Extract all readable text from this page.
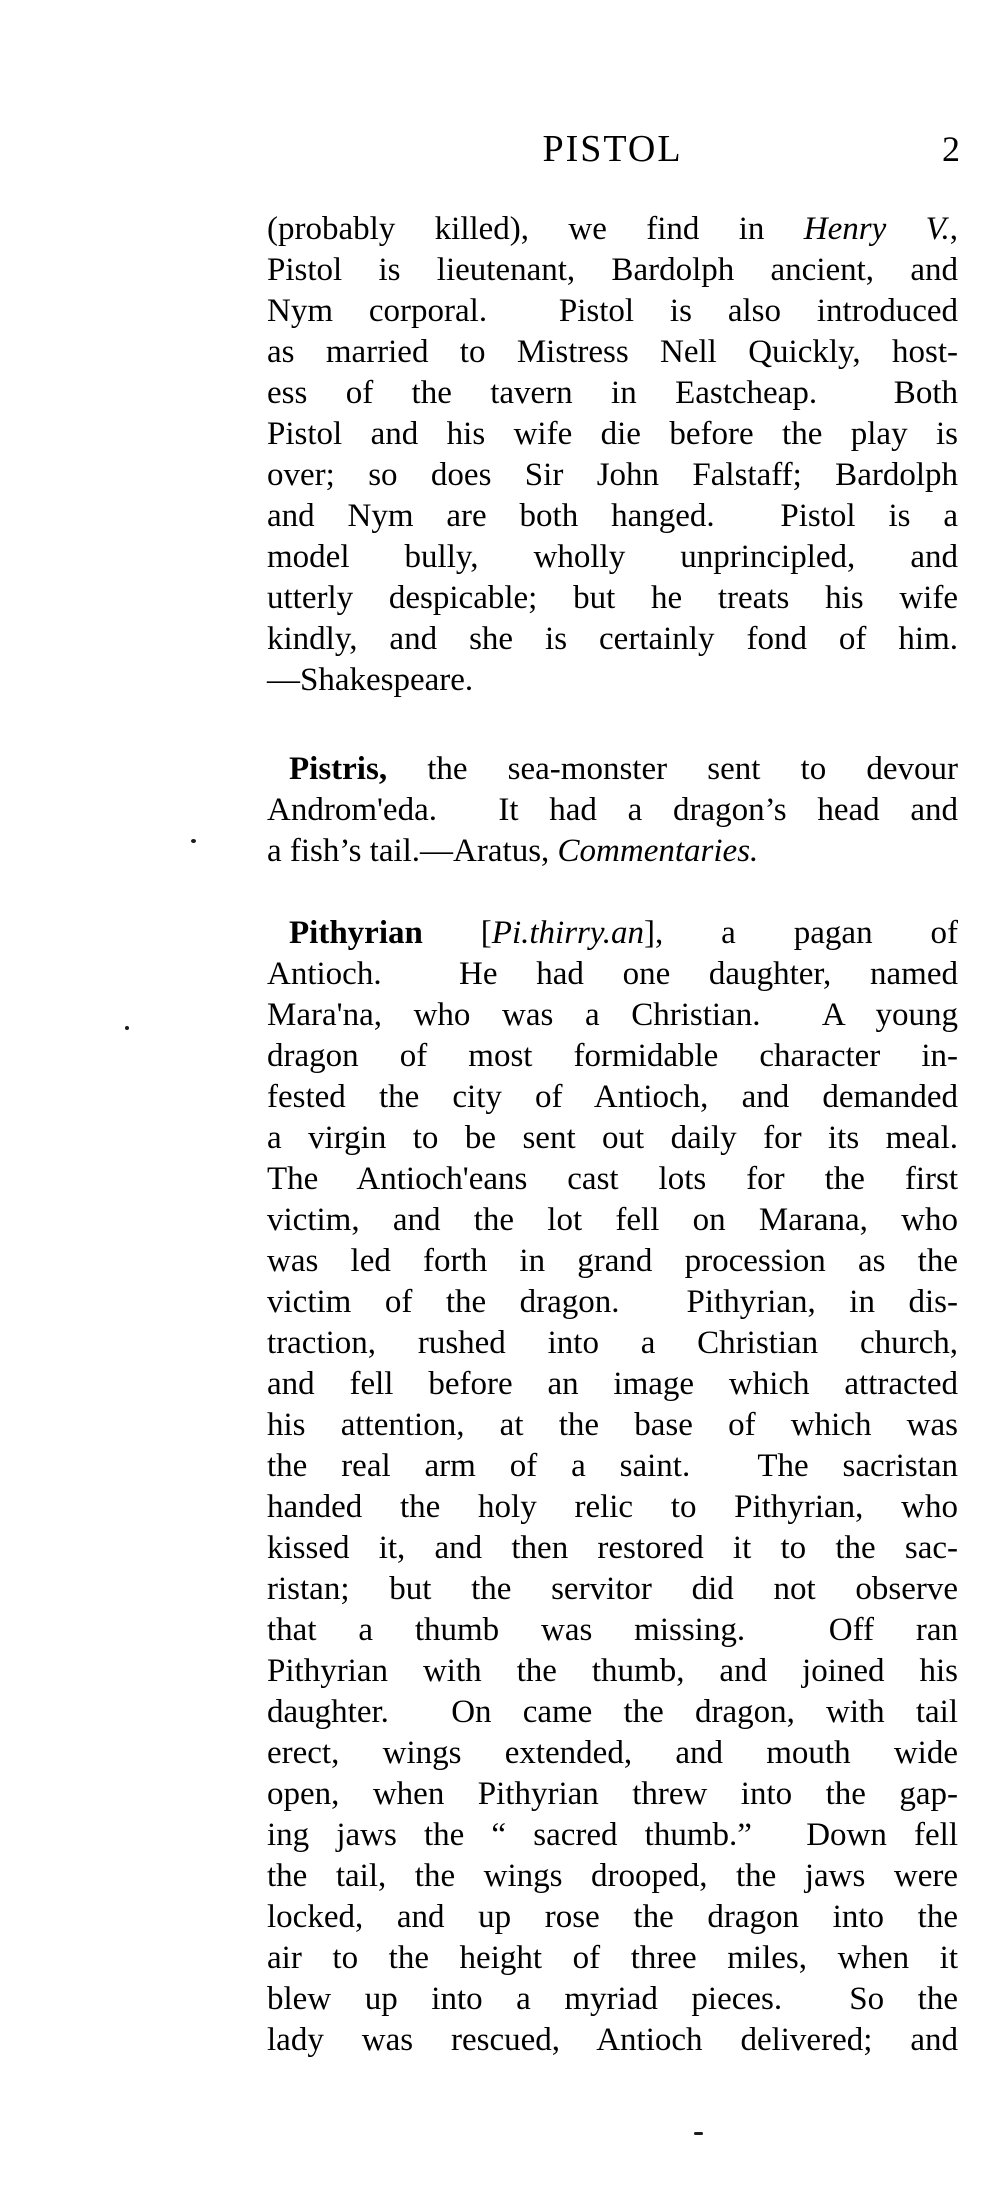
PISTOL	2
(probably killed), we find in Henry V.,
Pistol is lieutenant, Bardolph ancient, and
Nym corporal.  Pistol is also introduced
as married to Mistress Nell Quickly, host-
ess of the tavern in Eastcheap.  Both
Pistol and his wife die before the play is
over; so does Sir John Falstaff; Bardolph
and Nym are both hanged.  Pistol is a
model bully, wholly unprincipled, and
utterly despicable; but he treats his wife
kindly, and she is certainly fond of him.
—Shakespeare.
Pistris, the sea-monster sent to devour
Androm'eda.  It had a dragon’s head and
a fish’s tail.—Aratus, Commentaries.
Pithyrian [Pi.thirry.an], a pagan of
Antioch.  He had one daughter, named
Mara'na, who was a Christian.  A young
dragon of most formidable character in-
fested the city of Antioch, and demanded
a virgin to be sent out daily for its meal.
The Antioch'eans cast lots for the first
victim, and the lot fell on Marana, who
was led forth in grand procession as the
victim of the dragon.  Pithyrian, in dis-
traction, rushed into a Christian church,
and fell before an image which attracted
his attention, at the base of which was
the real arm of a saint.  The sacristan
handed the holy relic to Pithyrian, who
kissed it, and then restored it to the sac-
ristan; but the servitor did not observe
that a thumb was missing.  Off ran
Pithyrian with the thumb, and joined his
daughter.  On came the dragon, with tail
erect, wings extended, and mouth wide
open, when Pithyrian threw into the gap-
ing jaws the “ sacred thumb.”  Down fell
the tail, the wings drooped, the jaws were
locked, and up rose the dragon into the
air to the height of three miles, when it
blew up into a myriad pieces.  So the
lady was rescued, Antioch delivered; and
